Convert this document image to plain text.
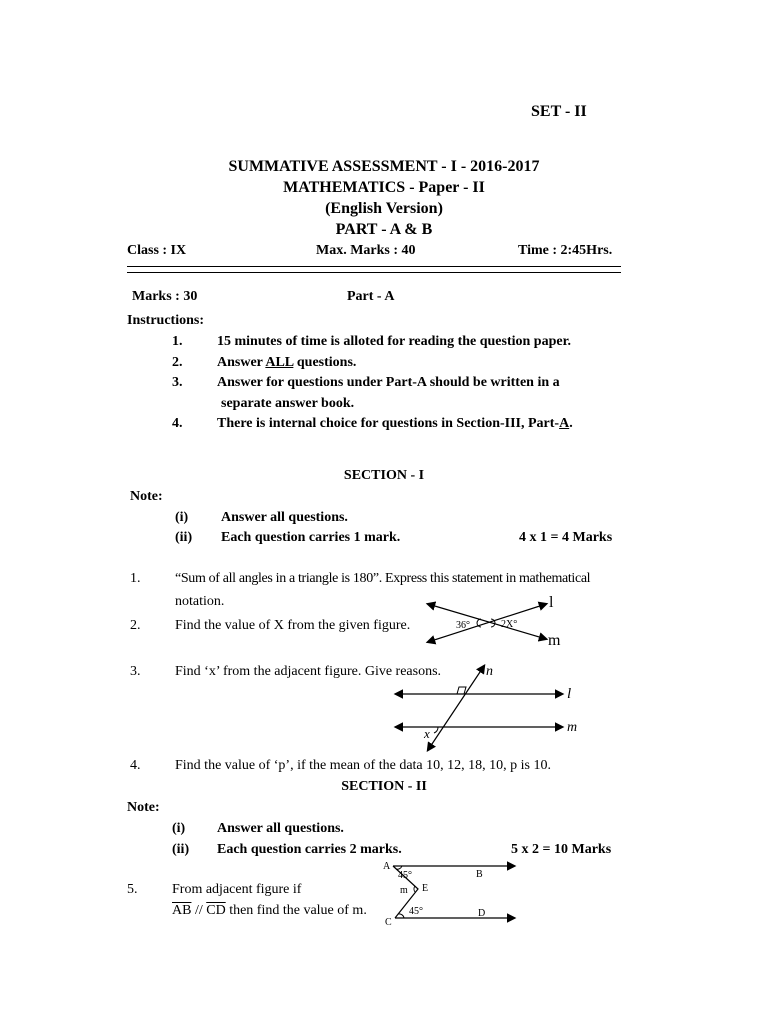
SET - II
SUMMATIVE ASSESSMENT - I - 2016-2017
MATHEMATICS - Paper - II
(English Version)
PART - A & B
Class : IX	Max. Marks : 40	Time : 2:45Hrs.
Marks : 30	Part - A
Instructions:
1. 15 minutes of time is alloted for reading the question paper.
2. Answer ALL questions.
3. Answer for questions under Part-A should be written in a
separate answer book.
4. There is internal choice for questions in Section-III, Part-A.
SECTION - I
Note:
(i) Answer all questions.
(ii) Each question carries 1 mark.	4 x 1 = 4 Marks
1. “Sum of all angles in a triangle is 180”. Express this statement in mathematical
notation.
2. Find the value of X from the given figure.
l
m
36°	2X°
3. Find ‘x’ from the adjacent figure. Give reasons.	n
l
m
x
4. Find the value of ‘p’, if the mean of the data 10, 12, 18, 10, p is 10.
SECTION - II
Note:
(i) Answer all questions.
(ii) Each question carries 2 marks.	5 x 2 = 10 Marks
5. From adjacent figure if
$\overline{AB} // \overline{CD}$ then find the value of m.
A
B
C
D
E
m
45°
45°
